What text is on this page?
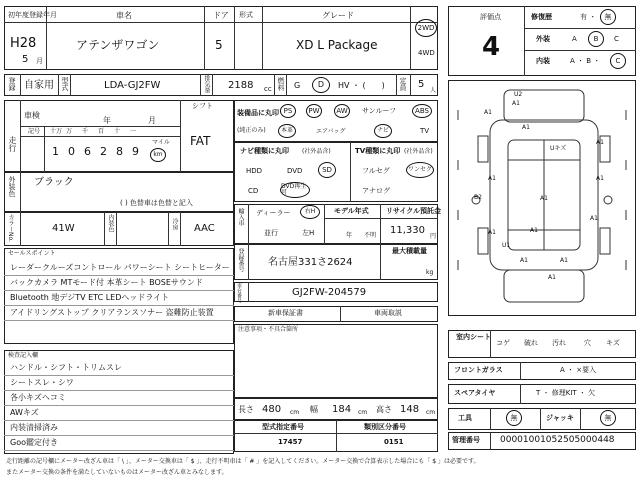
初年度登録年月
H28
5 月
車名
アテンザワゴン
ドア
5
形式	グレード
XD L Package
2WD
4WD
登録 自家用 型式	LDA-GJ2FW	排気量 2188 cc 燃料 G	D	HV ・ (　　) 定員 5
人
車検
年	月
シフト
FAT
走行
記号 十万 万 千 百 十 一
1 0 6 2 8 9
マイル
km
外装色 ブラック
( ) 色替車は色替と記入
カラーNo.	41W	内装色	冷房 AAC
セールスポイント
レーダークルーズコントロール パワーシート シートヒーター
バックカメラ MTモード付 本革シート BOSEサウンド
Bluetooth 地デジTV ETC LEDヘッドライト
アイドリングストップ クリアランスソナー 盗難防止装置
検査記入欄
ハンドル・シフト・トリムスレ
シートスレ・シワ
各小キズヘコミ
AWキズ
内装清掃済み
Goo鑑定付き
装備品に丸印
(純正のみ)
PS	PW	AW	サンルーフ	ABS
本革	エアバッグ	ナビ	TV
ナビ種類に丸印 (社外品含)	TV種類に丸印 (社外品含)
HDD	DVD	SD
CD
DVD再生可
フルセグ	ワンセグ
アナログ
輸入車 ディーラー	右H
並行	左H
モデル年式
年 不明
リサイクル預託金
11,330
円
登録番号 名古屋331さ2624
最大積載量
kg
車台番号	GJ2FW-204579
新車保証書	車両取説
注意事項・不具合箇所
長さ 480 cm 幅 184 cm 高さ 148 cm
型式指定番号
17457
類別区分番号
0151
評価点
4
修復歴	有 ・	無
外装	A	B	C
内装	A ・ B ・	C
U2
A1
A1
A1
B2
A1
U1
A1	A1
A1
A1
A1
A1
A1
Uキズ
A1
A1
室内シート
コゲ 破れ 汚れ	穴 キズ
フロントガラス	A ・ ×要入
スペアタイヤ	T ・ 修理KIT ・ 欠
工具	無	ジャッキ	無
管理番号 000010010525050004​48
走行距離の記号欄にメーター改ざん車は「 \ 」、メーター交換車は「 $ 」、走行不明車は「 # 」を記入してください。メーター交換で合算表示した場合にも「 $ 」は必要です。
またメーター交換の条件を満たしていないものはメーター改ざん車とみなします。
